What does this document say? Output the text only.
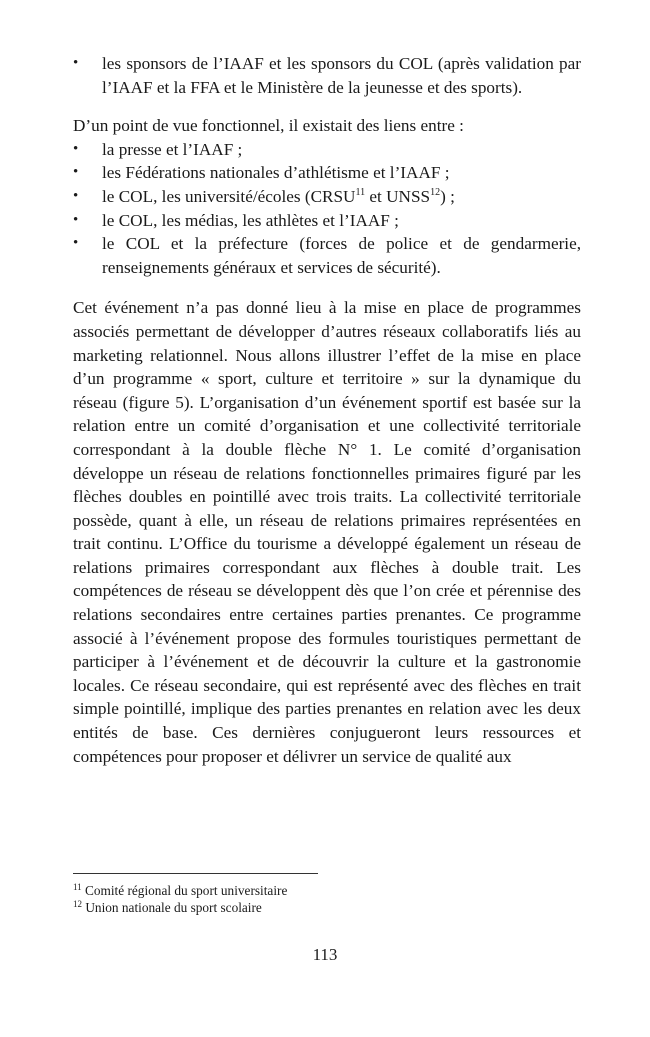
• les sponsors de l’IAAF et les sponsors du COL (après validation par l’IAAF et la FFA et le Ministère de la jeunesse et des sports).

D’un point de vue fonctionnel, il existait des liens entre :

• la presse et l’IAAF ;
• les Fédérations nationales d’athlétisme et l’IAAF ;
• le COL, les université/écoles (CRSU$^{11}$ et UNSS$^{12}$) ;
• le COL, les médias, les athlètes et l’IAAF ;
• le COL et la préfecture (forces de police et de gendarmerie, renseignements généraux et services de sécurité).

Cet événement n’a pas donné lieu à la mise en place de programmes associés permettant de développer d’autres réseaux collaboratifs liés au marketing relationnel. Nous allons illustrer l’effet de la mise en place d’un programme « sport, culture et territoire » sur la dynamique du réseau (figure 5). L’organisation d’un événement sportif est basée sur la relation entre un comité d’organisation et une collectivité territoriale correspondant à la double flèche N° 1. Le comité d’organisation développe un réseau de relations fonctionnelles primaires figuré par les flèches doubles en pointillé avec trois traits. La collectivité territoriale possède, quant à elle, un réseau de relations primaires représentées en trait continu. L’Office du tourisme a développé également un réseau de relations primaires correspondant aux flèches à double trait. Les compétences de réseau se développent dès que l’on crée et pérennise des relations secondaires entre certaines parties prenantes. Ce programme associé à l’événement propose des formules touristiques permettant de participer à l’événement et de découvrir la culture et la gastronomie locales. Ce réseau secondaire, qui est représenté avec des flèches en trait simple pointillé, implique des parties prenantes en relation avec les deux entités de base. Ces dernières conjugueront leurs ressources et compétences pour proposer et délivrer un service de qualité aux

$^{11}$ Comité régional du sport universitaire
$^{12}$ Union nationale du sport scolaire
113
